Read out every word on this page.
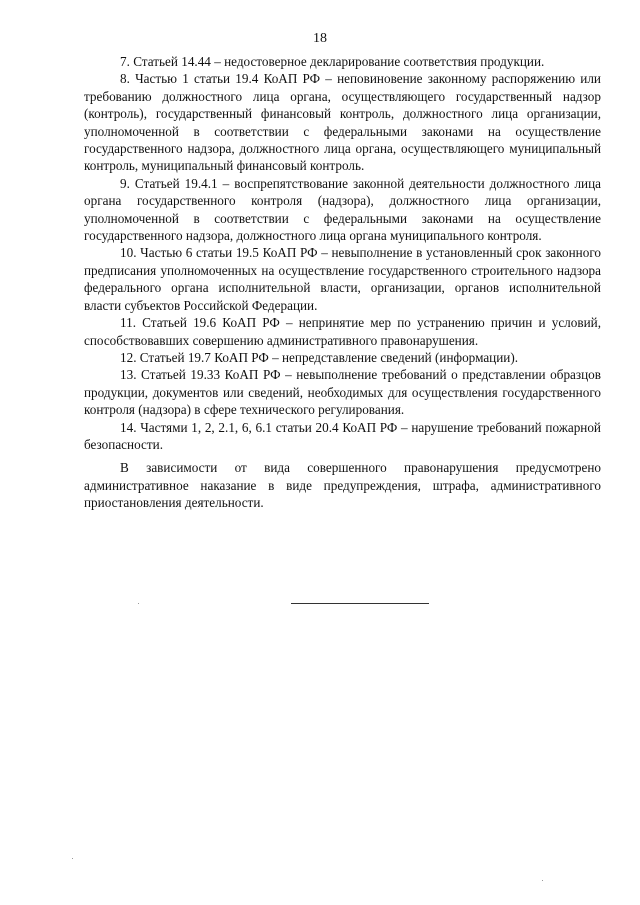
18

7. Статьей 14.44 – недостоверное декларирование соответствия продукции.

8. Частью 1 статьи 19.4 КоАП РФ – неповиновение законному распоряжению или требованию должностного лица органа, осуществляющего государственный надзор (контроль), государственный финансовый контроль, должностного лица организации, уполномоченной в соответствии с федеральными законами на осуществление государственного надзора, должностного лица органа, осуществляющего муниципальный контроль, муниципальный финансовый контроль.

9. Статьей 19.4.1 – воспрепятствование законной деятельности должностного лица органа государственного контроля (надзора), должностного лица организации, уполномоченной в соответствии с федеральными законами на осуществление государственного надзора, должностного лица органа муниципального контроля.

10. Частью 6 статьи 19.5 КоАП РФ – невыполнение в установленный срок законного предписания уполномоченных на осуществление государственного строительного надзора федерального органа исполнительной власти, организации, органов исполнительной власти субъектов Российской Федерации.

11. Статьей 19.6 КоАП РФ – непринятие мер по устранению причин и условий, способствовавших совершению административного правонарушения.

12. Статьей 19.7 КоАП РФ – непредставление сведений (информации).

13. Статьей 19.33 КоАП РФ – невыполнение требований о представлении образцов продукции, документов или сведений, необходимых для осуществления государственного контроля (надзора) в сфере технического регулирования.

14. Частями 1, 2, 2.1, 6, 6.1 статьи 20.4 КоАП РФ – нарушение требований пожарной безопасности.

В зависимости от вида совершенного правонарушения предусмотрено административное наказание в виде предупреждения, штрафа, административного приостановления деятельности.
